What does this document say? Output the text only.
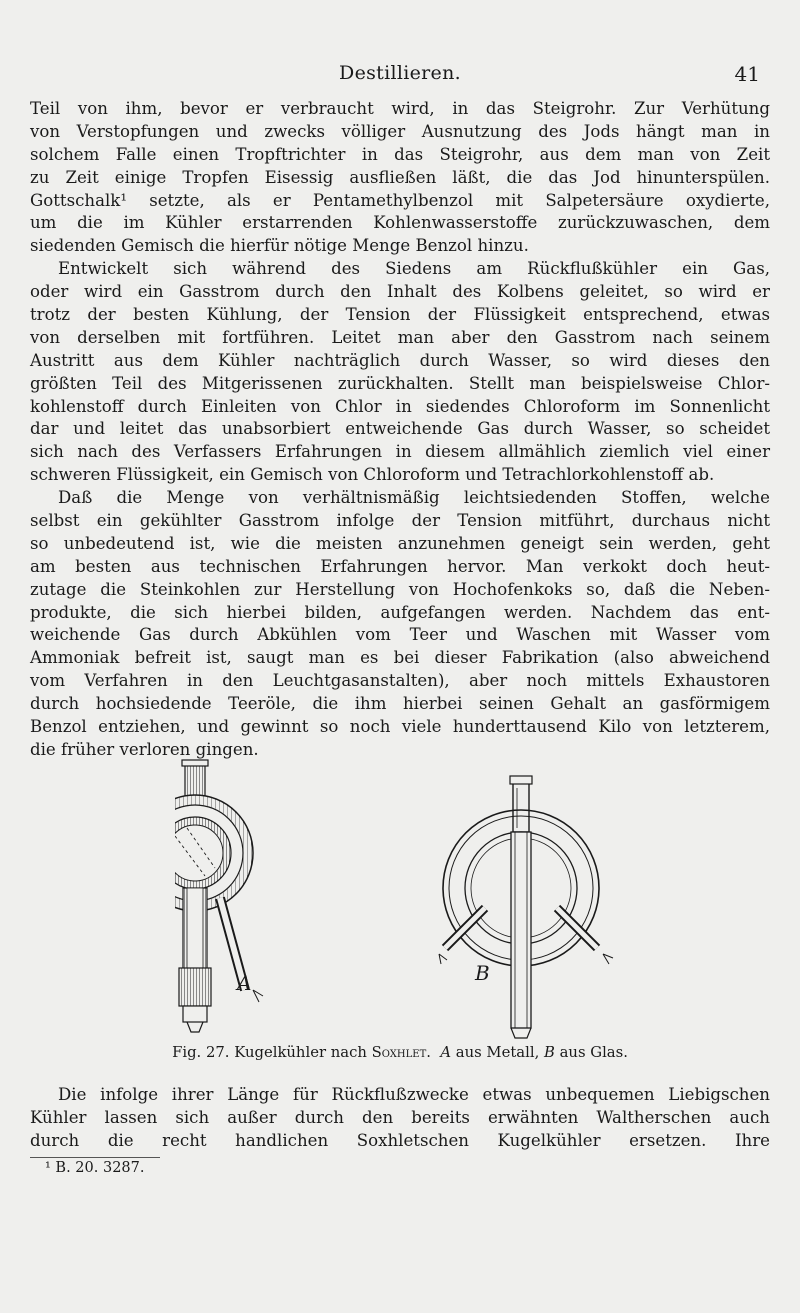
Destillieren.	41
Teil von ihm, bevor er verbraucht wird, in das Steigrohr. Zur Verhütung
von Verstopfungen und zwecks völliger Ausnutzung des Jods hängt man in
solchem Falle einen Tropftrichter in das Steigrohr, aus dem man von Zeit
zu Zeit einige Tropfen Eisessig ausfließen läßt, die das Jod hinunterspülen.
Gottschalk¹ setzte, als er Pentamethylbenzol mit Salpetersäure oxydierte,
um die im Kühler erstarrenden Kohlenwasserstoffe zurückzuwaschen, dem
siedenden Gemisch die hierfür nötige Menge Benzol hinzu.
Entwickelt sich während des Siedens am Rückflußkühler ein Gas,
oder wird ein Gasstrom durch den Inhalt des Kolbens geleitet, so wird er
trotz der besten Kühlung, der Tension der Flüssigkeit entsprechend, etwas
von derselben mit fortführen. Leitet man aber den Gasstrom nach seinem
Austritt aus dem Kühler nachträglich durch Wasser, so wird dieses den
größten Teil des Mitgerissenen zurückhalten. Stellt man beispielsweise Chlor-
kohlenstoff durch Einleiten von Chlor in siedendes Chloroform im Sonnenlicht
dar und leitet das unabsorbiert entweichende Gas durch Wasser, so scheidet
sich nach des Verfassers Erfahrungen in diesem allmählich ziemlich viel einer
schweren Flüssigkeit, ein Gemisch von Chloroform und Tetrachlorkohlenstoff ab.
Daß die Menge von verhältnismäßig leichtsiedenden Stoffen, welche
selbst ein gekühlter Gasstrom infolge der Tension mitführt, durchaus nicht
so unbedeutend ist, wie die meisten anzunehmen geneigt sein werden, geht
am besten aus technischen Erfahrungen hervor. Man verkokt doch heut-
zutage die Steinkohlen zur Herstellung von Hochofenkoks so, daß die Neben-
produkte, die sich hierbei bilden, aufgefangen werden. Nachdem das ent-
weichende Gas durch Abkühlen vom Teer und Waschen mit Wasser vom
Ammoniak befreit ist, saugt man es bei dieser Fabrikation (also abweichend
vom Verfahren in den Leuchtgasanstalten), aber noch mittels Exhaustoren
durch hochsiedende Teeröle, die ihm hierbei seinen Gehalt an gasförmigem
Benzol entziehen, und gewinnt so noch viele hunderttausend Kilo von letzterem,
die früher verloren gingen.
A	B
Fig. 27. Kugelkühler nach Soxhlet. A aus Metall, B aus Glas.
Die infolge ihrer Länge für Rückflußzwecke etwas unbequemen Liebigschen
Kühler lassen sich außer durch den bereits erwähnten Waltherschen auch
durch die recht handlichen Soxhletschen Kugelkühler ersetzen. Ihre
¹ B. 20. 3287.
